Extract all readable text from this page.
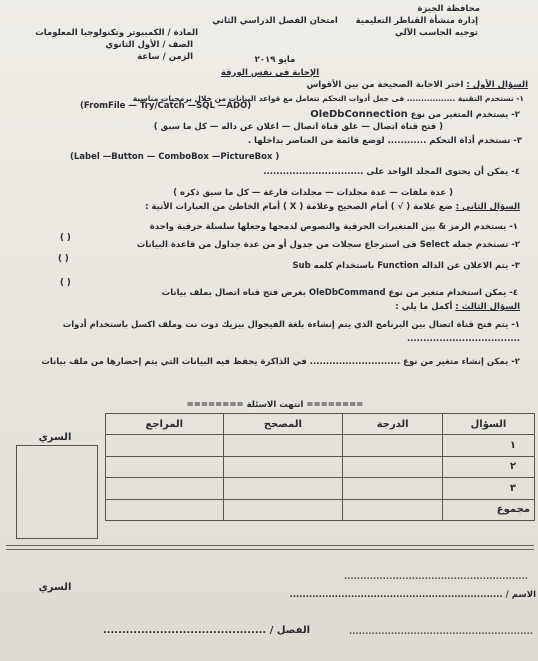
محافظة الجيزة
إدارة منشأة القناطر التعليمية
توجيه الحاسب الآلي
امتحان الفصل الدراسي الثاني
مايو ٢٠١٩
المادة / الكمبيوتر وتكنولوجيا المعلومات
الصف / الأول الثانوي
الزمن / ساعة
الإجابة فى نفس الورقة
السؤال الأول : اختر الاجابة الصحيحة من بين الأقواس
١- تستخدم التقنية ................. فى جعل أدوات التحكم تتعامل مع قواعد البيانات من خلال برمجيات مناسبة
(FromFile — Try/Catch —SQL —ADO)
٢- يستخدم المتغير من نوع OleDbConnection
( فتح قناة اتصال — غلق قناة اتصال — اعلان عن داله — كل ما سبق )
٣- تستخدم أداة التحكم ............ لوضع قائمة من العناصر بداخلها .
(Label —Button — ComboBox —PictureBox )
٤- يمكن أن يحتوى المجلد الواحد على ...............................
( عدة ملفات — عدة مجلدات — مجلدات فارغة — كل ما سبق ذكره )
السؤال الثاني : ضع علامة ( √ ) أمام الصحيح وعلامة ( X ) أمام الخاطئ من العبارات الأتية :
١- يستخدم الرمز & بين المتغيرات الحرفية والنصوص لدمجها وجعلها سلسلة حرفية واحدة
( )
٢- تستخدم جمله Select فى استرجاع سجلات من جدول أو من عدة جداول من قاعدة البيانات
( )
٣- يتم الاعلان عن الداله Function باستخدام كلمه Sub
( )
٤- يمكن استخدام متغير من نوع OleDbCommand بغرض فتح قناه اتصال بملف بيانات
السؤال الثالث : أكمل ما يلي :
١- يتم فتح قناة اتصال بين البرنامج الذي يتم إنشاءة بلغة الفيجوال بيزيك دوت نت وملف اكسل باستخدام أدوات ...................................
٢- يمكن إنشاء متغير من نوع ............................ في الذاكرة يحفظ فيه البيانات التي يتم إحضارها من ملف بيانات
======== انتهت الاسئلة ========
السؤال	الدرجة	المصحح	المراجع
١			
٢			
٣			
مجموع			
السري
السري
الاسم / ..................................................................
.........................................................
الفصل / ...........................................	.........................................................
